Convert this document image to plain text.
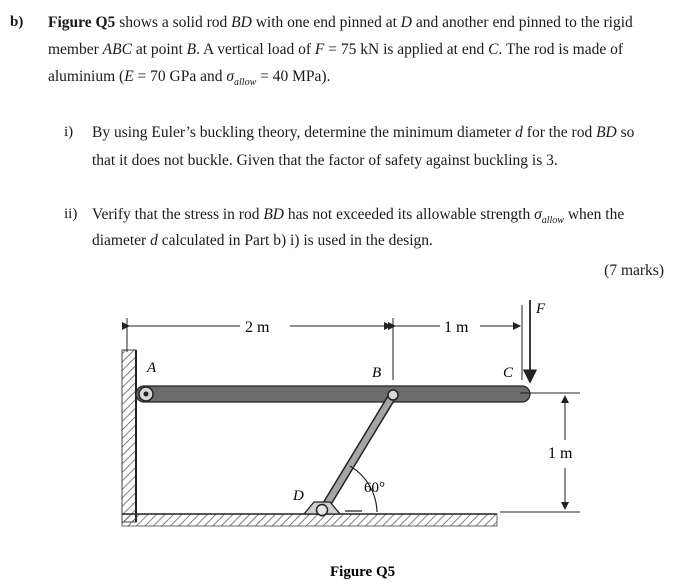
b) Figure Q5 shows a solid rod BD with one end pinned at D and another end pinned to the rigid
member ABC at point B. A vertical load of F = 75 kN is applied at end C. The rod is made of
aluminium (E = 70 GPa and $\sigma_{allow} = 40$ MPa).
i) By using Euler’s buckling theory, determine the minimum diameter d for the rod BD so
that it does not buckle. Given that the factor of safety against buckling is 3.
ii) Verify that the stress in rod BD has not exceeded its allowable strength $\sigma_{allow}$ when the
diameter d calculated in Part b) i) is used in the design.
(7 marks)
2 m	1 m
1 m
A	B	C
D
F
60°
Figure Q5
